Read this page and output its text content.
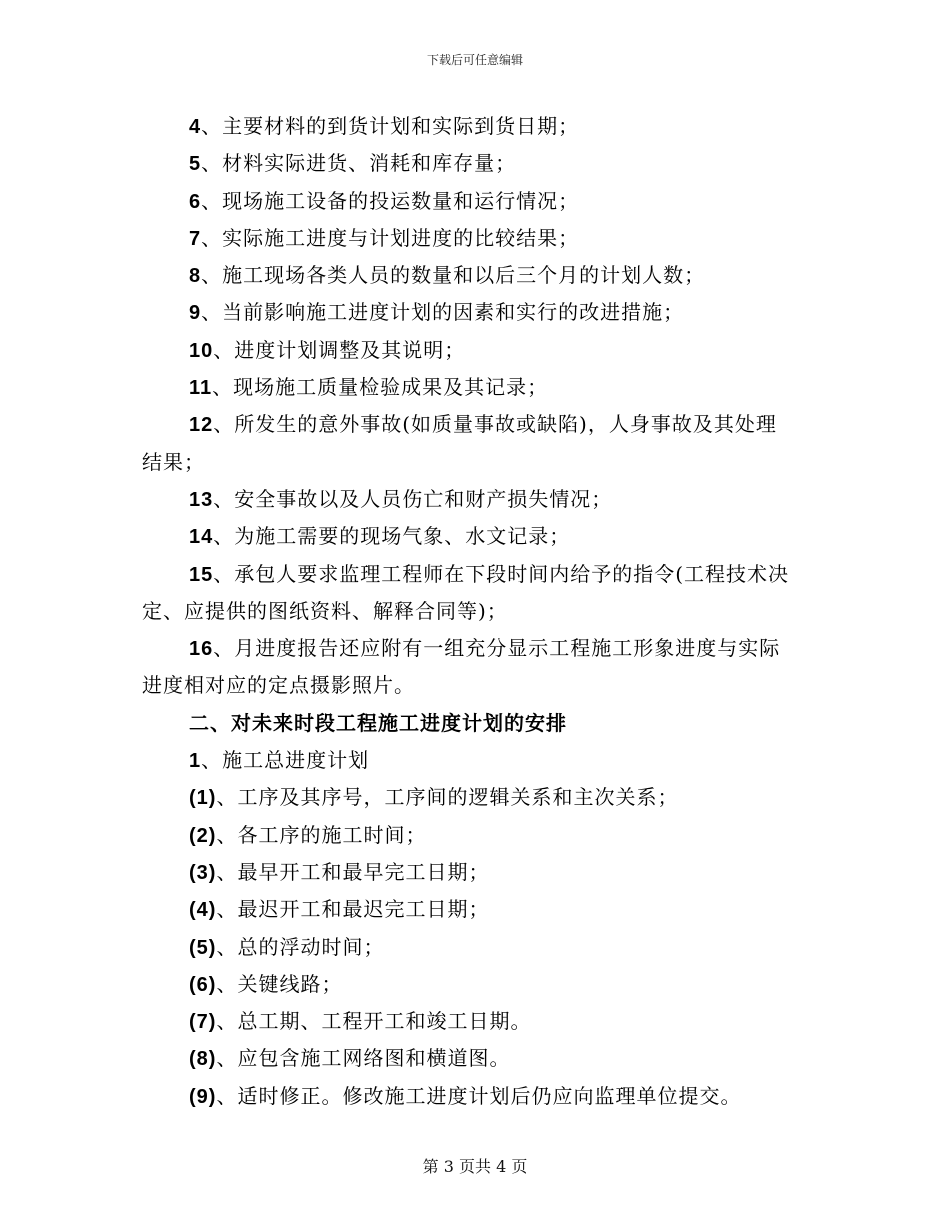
下载后可任意编辑
4、主要材料的到货计划和实际到货日期；
5、材料实际进货、消耗和库存量；
6、现场施工设备的投运数量和运行情况；
7、实际施工进度与计划进度的比较结果；
8、施工现场各类人员的数量和以后三个月的计划人数；
9、当前影响施工进度计划的因素和实行的改进措施；
10、进度计划调整及其说明；
11、现场施工质量检验成果及其记录；
12、所发生的意外事故(如质量事故或缺陷)，人身事故及其处理
结果；
13、安全事故以及人员伤亡和财产损失情况；
14、为施工需要的现场气象、水文记录；
15、承包人要求监理工程师在下段时间内给予的指令(工程技术决
定、应提供的图纸资料、解释合同等)；
16、月进度报告还应附有一组充分显示工程施工形象进度与实际
进度相对应的定点摄影照片。
二、对未来时段工程施工进度计划的安排
1、施工总进度计划
(1)、工序及其序号，工序间的逻辑关系和主次关系；
(2)、各工序的施工时间；
(3)、最早开工和最早完工日期；
(4)、最迟开工和最迟完工日期；
(5)、总的浮动时间；
(6)、关键线路；
(7)、总工期、工程开工和竣工日期。
(8)、应包含施工网络图和横道图。
(9)、适时修正。修改施工进度计划后仍应向监理单位提交。
第 3 页共 4 页
